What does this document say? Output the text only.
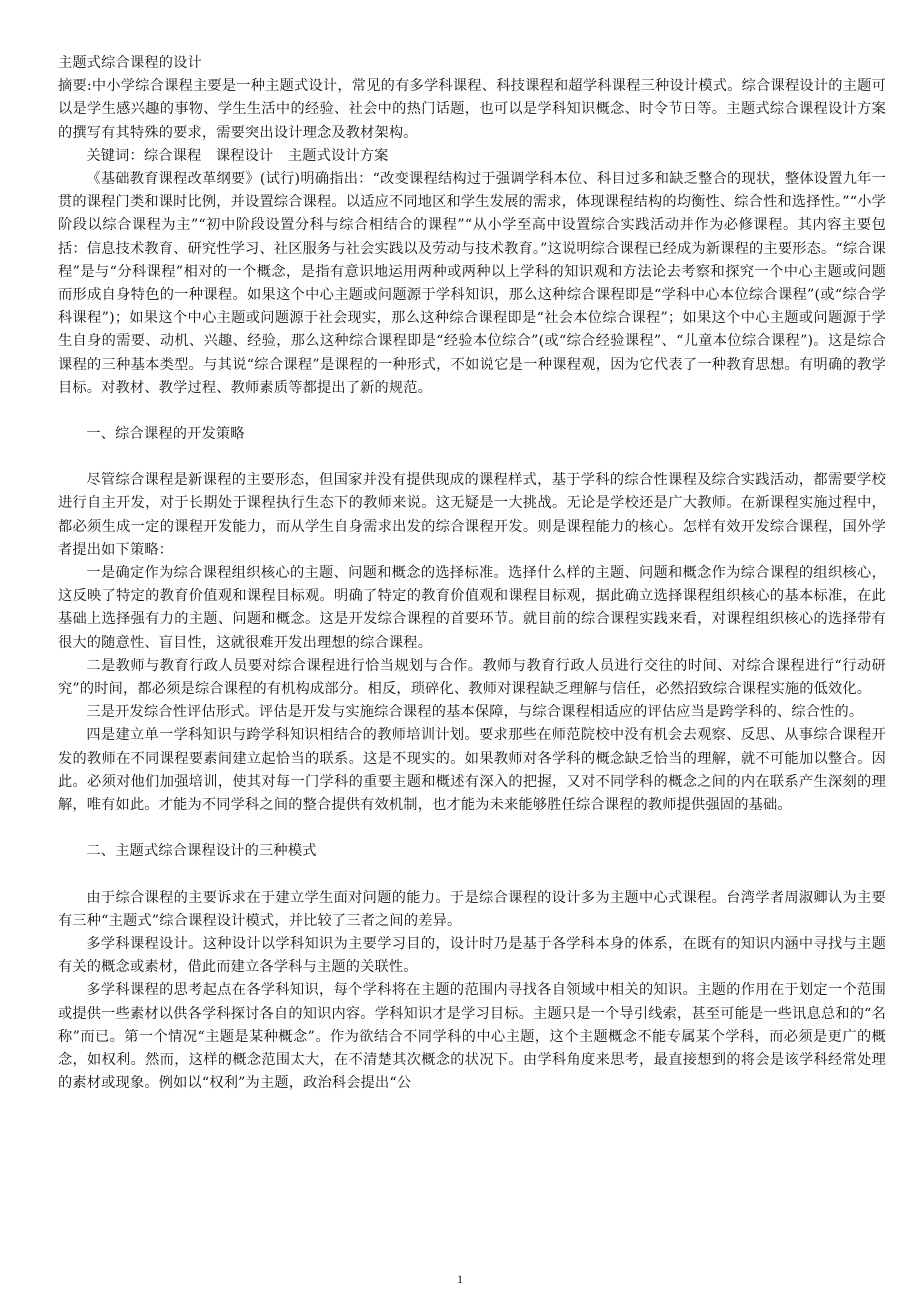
主题式综合课程的设计

摘要:中小学综合课程主要是一种主题式设计，常见的有多学科课程、科技课程和超学科课程三种设计模式。综合课程设计的主题可以是学生感兴趣的事物、学生生活中的经验、社会中的热门话题，也可以是学科知识概念、时令节日等。主题式综合课程设计方案的撰写有其特殊的要求，需要突出设计理念及教材架构。

关键词：综合课程　课程设计　主题式设计方案

《基础教育课程改革纲要》(试行)明确指出：“改变课程结构过于强调学科本位、科目过多和缺乏整合的现状，整体设置九年一贯的课程门类和课时比例，并设置综合课程。以适应不同地区和学生发展的需求，体现课程结构的均衡性、综合性和选择性。”“小学阶段以综合课程为主”“初中阶段设置分科与综合相结合的课程”“从小学至高中设置综合实践活动并作为必修课程。其内容主要包括：信息技术教育、研究性学习、社区服务与社会实践以及劳动与技术教育。”这说明综合课程已经成为新课程的主要形态。“综合课程”是与“分科课程”相对的一个概念，是指有意识地运用两种或两种以上学科的知识观和方法论去考察和探究一个中心主题或问题而形成自身特色的一种课程。如果这个中心主题或问题源于学科知识，那么这种综合课程即是“学科中心本位综合课程”(或“综合学科课程”)；如果这个中心主题或问题源于社会现实，那么这种综合课程即是“社会本位综合课程”；如果这个中心主题或问题源于学生自身的需要、动机、兴趣、经验，那么这种综合课程即是“经验本位综合”(或“综合经验课程”、“儿童本位综合课程”)。这是综合课程的三种基本类型。与其说“综合课程”是课程的一种形式，不如说它是一种课程观，因为它代表了一种教育思想。有明确的教学目标。对教材、教学过程、教师素质等都提出了新的规范。

一、综合课程的开发策略

尽管综合课程是新课程的主要形态，但国家并没有提供现成的课程样式，基于学科的综合性课程及综合实践活动，都需要学校进行自主开发，对于长期处于课程执行生态下的教师来说。这无疑是一大挑战。无论是学校还是广大教师。在新课程实施过程中，都必须生成一定的课程开发能力，而从学生自身需求出发的综合课程开发。则是课程能力的核心。怎样有效开发综合课程，国外学者提出如下策略：

一是确定作为综合课程组织核心的主题、问题和概念的选择标准。选择什么样的主题、问题和概念作为综合课程的组织核心，这反映了特定的教育价值观和课程目标观。明确了特定的教育价值观和课程目标观，据此确立选择课程组织核心的基本标准，在此基础上选择强有力的主题、问题和概念。这是开发综合课程的首要环节。就目前的综合课程实践来看，对课程组织核心的选择带有很大的随意性、盲目性，这就很难开发出理想的综合课程。

二是教师与教育行政人员要对综合课程进行恰当规划与合作。教师与教育行政人员进行交往的时间、对综合课程进行“行动研究”的时间，都必须是综合课程的有机构成部分。相反，琐碎化、教师对课程缺乏理解与信任，必然招致综合课程实施的低效化。

三是开发综合性评估形式。评估是开发与实施综合课程的基本保障，与综合课程相适应的评估应当是跨学科的、综合性的。

四是建立单一学科知识与跨学科知识相结合的教师培训计划。要求那些在师范院校中没有机会去观察、反思、从事综合课程开发的教师在不同课程要素间建立起恰当的联系。这是不现实的。如果教师对各学科的概念缺乏恰当的理解，就不可能加以整合。因此。必须对他们加强培训，使其对每一门学科的重要主题和概述有深入的把握，又对不同学科的概念之间的内在联系产生深刻的理解，唯有如此。才能为不同学科之间的整合提供有效机制，也才能为未来能够胜任综合课程的教师提供强固的基础。

二、主题式综合课程设计的三种模式

由于综合课程的主要诉求在于建立学生面对问题的能力。于是综合课程的设计多为主题中心式课程。台湾学者周淑卿认为主要有三种“主题式”综合课程设计模式，并比较了三者之间的差异。

多学科课程设计。这种设计以学科知识为主要学习目的，设计时乃是基于各学科本身的体系，在既有的知识内涵中寻找与主题有关的概念或素材，借此而建立各学科与主题的关联性。

多学科课程的思考起点在各学科知识，每个学科将在主题的范围内寻找各自领域中相关的知识。主题的作用在于划定一个范围或提供一些素材以供各学科探讨各自的知识内容。学科知识才是学习目标。主题只是一个导引线索，甚至可能是一些讯息总和的“名称”而已。第一个情况“主题是某种概念”。作为欲结合不同学科的中心主题，这个主题概念不能专属某个学科，而必须是更广的概念，如权利。然而，这样的概念范围太大，在不清楚其次概念的状况下。由学科角度来思考，最直接想到的将会是该学科经常处理的素材或现象。例如以“权利”为主题，政治科会提出“公

1
